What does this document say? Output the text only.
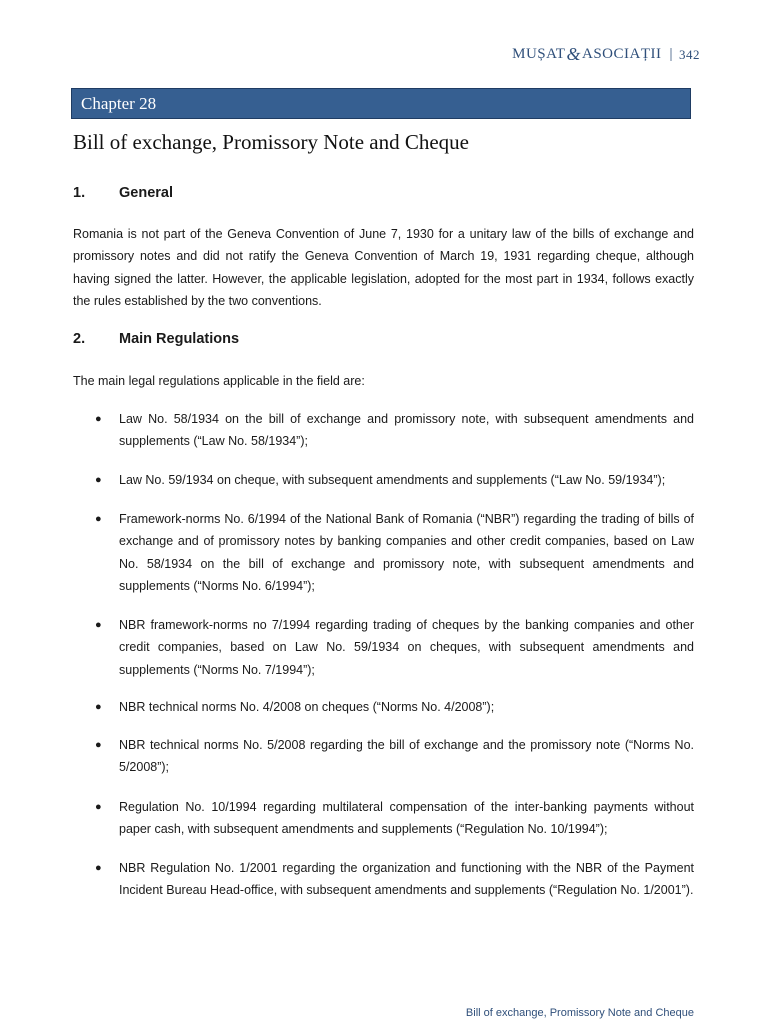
MUȘAT & ASOCIAȚII | 342
Chapter 28
Bill of exchange, Promissory Note and Cheque
1.	General

Romania is not part of the Geneva Convention of June 7, 1930 for a unitary law of the bills of exchange and promissory notes and did not ratify the Geneva Convention of March 19, 1931 regarding cheque, although having signed the latter. However, the applicable legislation, adopted for the most part in 1934, follows exactly the rules established by the two conventions.

2.	Main Regulations

The main legal regulations applicable in the field are:

● Law No. 58/1934 on the bill of exchange and promissory note, with subsequent amendments and supplements (“Law No. 58/1934”);
● Law No. 59/1934 on cheque, with subsequent amendments and supplements (“Law No. 59/1934”);
● Framework-norms No. 6/1994 of the National Bank of Romania (“NBR”) regarding the trading of bills of exchange and of promissory notes by banking companies and other credit companies, based on Law No. 58/1934 on the bill of exchange and promissory note, with subsequent amendments and supplements (“Norms No. 6/1994”);
● NBR framework-norms no 7/1994 regarding trading of cheques by the banking companies and other credit companies, based on Law No. 59/1934 on cheques, with subsequent amendments and supplements (“Norms No. 7/1994”);
● NBR technical norms No. 4/2008 on cheques (“Norms No. 4/2008”);
● NBR technical norms No. 5/2008 regarding the bill of exchange and the promissory note (“Norms No. 5/2008”);
● Regulation No. 10/1994 regarding multilateral compensation of the inter-banking payments without paper cash, with subsequent amendments and supplements (“Regulation No. 10/1994”);
● NBR Regulation No. 1/2001 regarding the organization and functioning with the NBR of the Payment Incident Bureau Head-office, with subsequent amendments and supplements (“Regulation No. 1/2001”).
Bill of exchange, Promissory Note and Cheque
